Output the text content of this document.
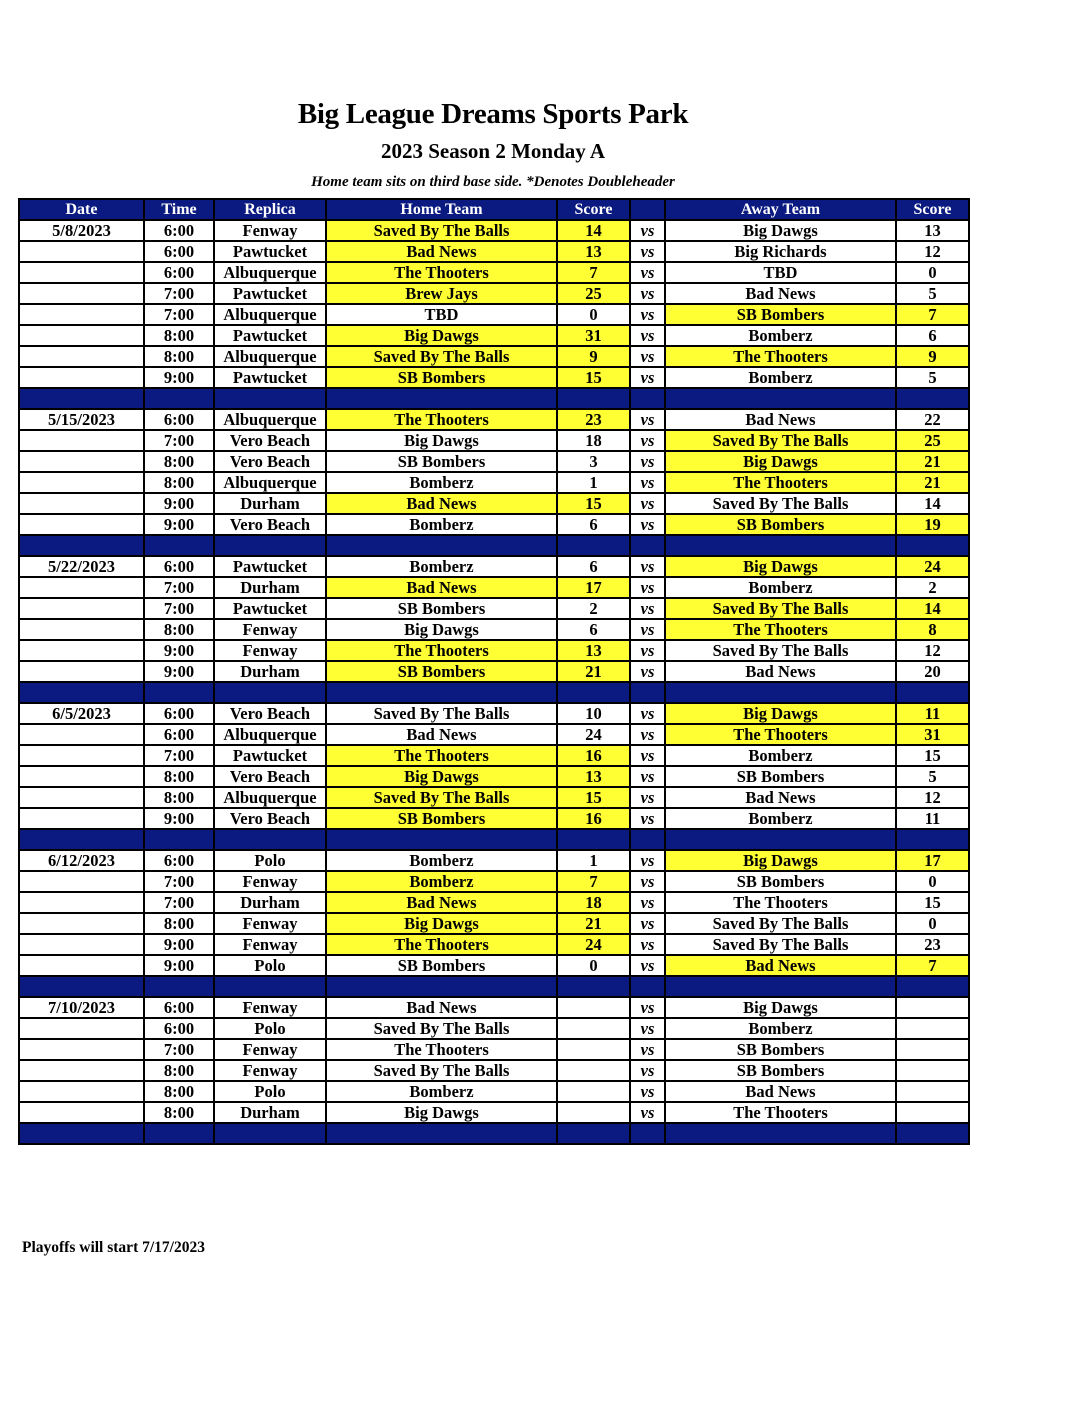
Big League Dreams Sports Park
2023 Season 2 Monday A
Home team sits on third base side. *Denotes Doubleheader
Date	Time	Replica	Home Team	Score		Away Team	Score
5/8/2023	6:00	Fenway	Saved By The Balls	14	vs	Big Dawgs	13
	6:00	Pawtucket	Bad News	13	vs	Big Richards	12
	6:00	Albuquerque	The Thooters	7	vs	TBD	0
	7:00	Pawtucket	Brew Jays	25	vs	Bad News	5
	7:00	Albuquerque	TBD	0	vs	SB Bombers	7
	8:00	Pawtucket	Big Dawgs	31	vs	Bomberz	6
	8:00	Albuquerque	Saved By The Balls	9	vs	The Thooters	9
	9:00	Pawtucket	SB Bombers	15	vs	Bomberz	5

5/15/2023	6:00	Albuquerque	The Thooters	23	vs	Bad News	22
	7:00	Vero Beach	Big Dawgs	18	vs	Saved By The Balls	25
	8:00	Vero Beach	SB Bombers	3	vs	Big Dawgs	21
	8:00	Albuquerque	Bomberz	1	vs	The Thooters	21
	9:00	Durham	Bad News	15	vs	Saved By The Balls	14
	9:00	Vero Beach	Bomberz	6	vs	SB Bombers	19

5/22/2023	6:00	Pawtucket	Bomberz	6	vs	Big Dawgs	24
	7:00	Durham	Bad News	17	vs	Bomberz	2
	7:00	Pawtucket	SB Bombers	2	vs	Saved By The Balls	14
	8:00	Fenway	Big Dawgs	6	vs	The Thooters	8
	9:00	Fenway	The Thooters	13	vs	Saved By The Balls	12
	9:00	Durham	SB Bombers	21	vs	Bad News	20

6/5/2023	6:00	Vero Beach	Saved By The Balls	10	vs	Big Dawgs	11
	6:00	Albuquerque	Bad News	24	vs	The Thooters	31
	7:00	Pawtucket	The Thooters	16	vs	Bomberz	15
	8:00	Vero Beach	Big Dawgs	13	vs	SB Bombers	5
	8:00	Albuquerque	Saved By The Balls	15	vs	Bad News	12
	9:00	Vero Beach	SB Bombers	16	vs	Bomberz	11

6/12/2023	6:00	Polo	Bomberz	1	vs	Big Dawgs	17
	7:00	Fenway	Bomberz	7	vs	SB Bombers	0
	7:00	Durham	Bad News	18	vs	The Thooters	15
	8:00	Fenway	Big Dawgs	21	vs	Saved By The Balls	0
	9:00	Fenway	The Thooters	24	vs	Saved By The Balls	23
	9:00	Polo	SB Bombers	0	vs	Bad News	7

7/10/2023	6:00	Fenway	Bad News		vs	Big Dawgs	
	6:00	Polo	Saved By The Balls		vs	Bomberz	
	7:00	Fenway	The Thooters		vs	SB Bombers	
	8:00	Fenway	Saved By The Balls		vs	SB Bombers	
	8:00	Polo	Bomberz		vs	Bad News	
	8:00	Durham	Big Dawgs		vs	The Thooters	

Playoffs will start 7/17/2023
